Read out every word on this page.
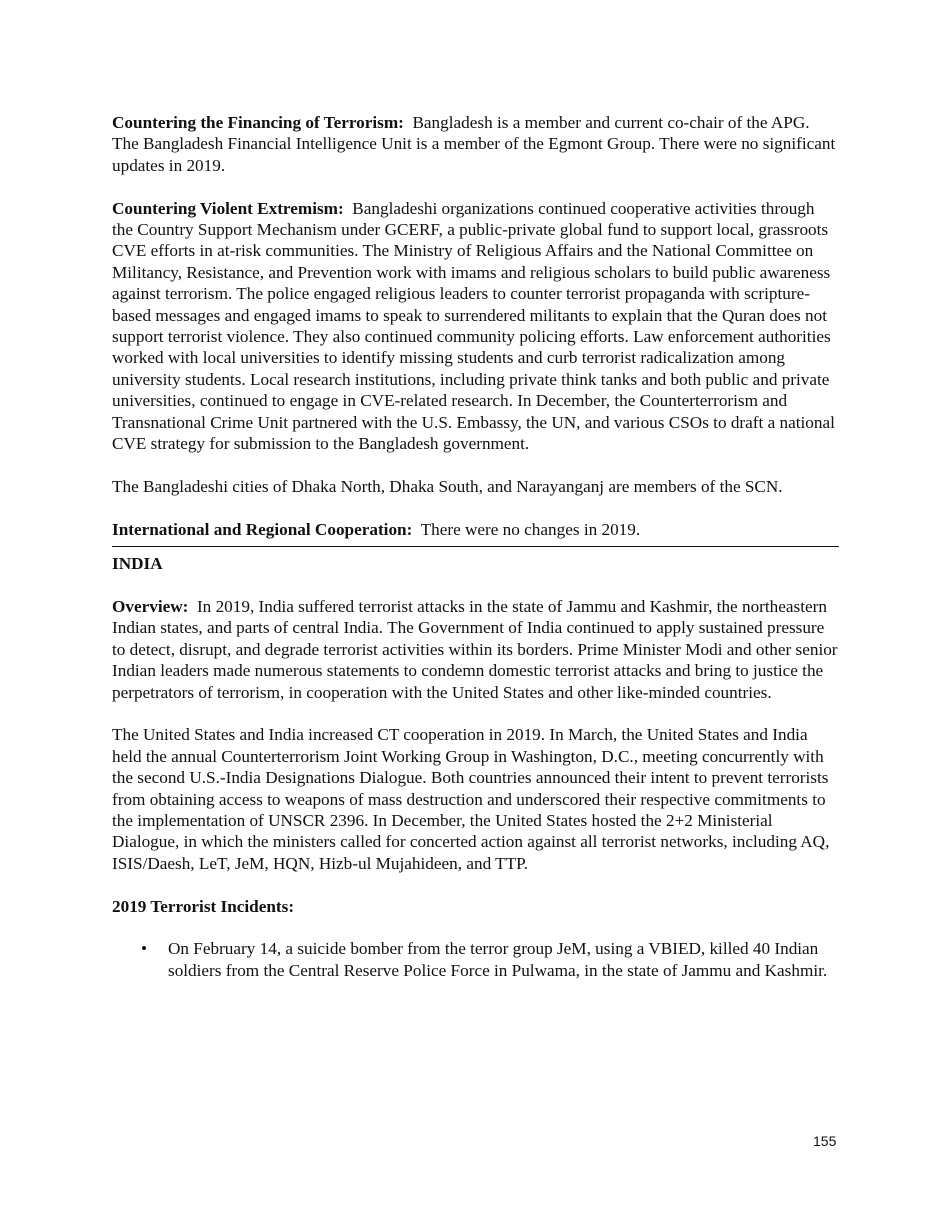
Countering the Financing of Terrorism: Bangladesh is a member and current co-chair of the APG. The Bangladesh Financial Intelligence Unit is a member of the Egmont Group. There were no significant updates in 2019.

Countering Violent Extremism: Bangladeshi organizations continued cooperative activities through the Country Support Mechanism under GCERF, a public-private global fund to support local, grassroots CVE efforts in at-risk communities. The Ministry of Religious Affairs and the National Committee on Militancy, Resistance, and Prevention work with imams and religious scholars to build public awareness against terrorism. The police engaged religious leaders to counter terrorist propaganda with scripture-based messages and engaged imams to speak to surrendered militants to explain that the Quran does not support terrorist violence. They also continued community policing efforts. Law enforcement authorities worked with local universities to identify missing students and curb terrorist radicalization among university students. Local research institutions, including private think tanks and both public and private universities, continued to engage in CVE-related research. In December, the Counterterrorism and Transnational Crime Unit partnered with the U.S. Embassy, the UN, and various CSOs to draft a national CVE strategy for submission to the Bangladesh government.

The Bangladeshi cities of Dhaka North, Dhaka South, and Narayanganj are members of the SCN.

International and Regional Cooperation: There were no changes in 2019.

INDIA

Overview: In 2019, India suffered terrorist attacks in the state of Jammu and Kashmir, the northeastern Indian states, and parts of central India. The Government of India continued to apply sustained pressure to detect, disrupt, and degrade terrorist activities within its borders. Prime Minister Modi and other senior Indian leaders made numerous statements to condemn domestic terrorist attacks and bring to justice the perpetrators of terrorism, in cooperation with the United States and other like-minded countries.

The United States and India increased CT cooperation in 2019. In March, the United States and India held the annual Counterterrorism Joint Working Group in Washington, D.C., meeting concurrently with the second U.S.-India Designations Dialogue. Both countries announced their intent to prevent terrorists from obtaining access to weapons of mass destruction and underscored their respective commitments to the implementation of UNSCR 2396. In December, the United States hosted the 2+2 Ministerial Dialogue, in which the ministers called for concerted action against all terrorist networks, including AQ, ISIS/Daesh, LeT, JeM, HQN, Hizb-ul Mujahideen, and TTP.

2019 Terrorist Incidents:

• On February 14, a suicide bomber from the terror group JeM, using a VBIED, killed 40 Indian soldiers from the Central Reserve Police Force in Pulwama, in the state of Jammu and Kashmir.
155
